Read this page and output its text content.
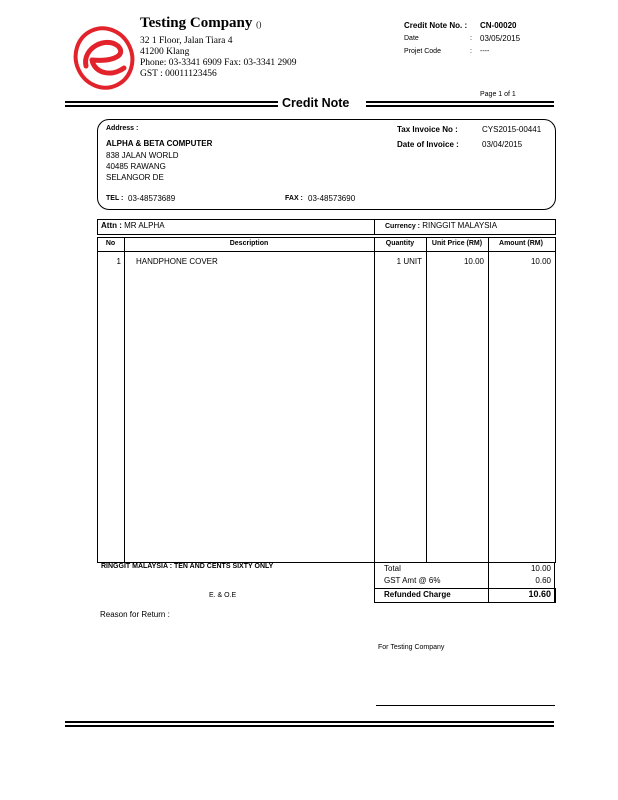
Testing Company ()
32 1 Floor, Jalan Tiara 4
41200 Klang
Phone: 03-3341 6909 Fax: 03-3341 2909
GST : 00011123456
Credit Note No. : CN-00020
Date	: 03/05/2015
Projet Code	: ----
Page 1 of 1
Credit Note
Address :
ALPHA & BETA COMPUTER
838 JALAN WORLD
40485 RAWANG
SELANGOR DE
TEL : 03-48573689	FAX : 03-48573690
Tax Invoice No :	CYS2015-00441
Date of Invoice :	03/04/2015
Attn : MR ALPHA	Currency : RINGGIT MALAYSIA
No	Description	Quantity	Unit Price (RM)	Amount (RM)
1 HANDPHONE COVER	1 UNIT	10.00	10.00
RINGGIT MALAYSIA : TEN AND CENTS SIXTY ONLY
E. & O.E
Total	10.00
GST Amt @ 6%	0.60
Refunded Charge	10.60
Reason for Return :
For Testing Company
